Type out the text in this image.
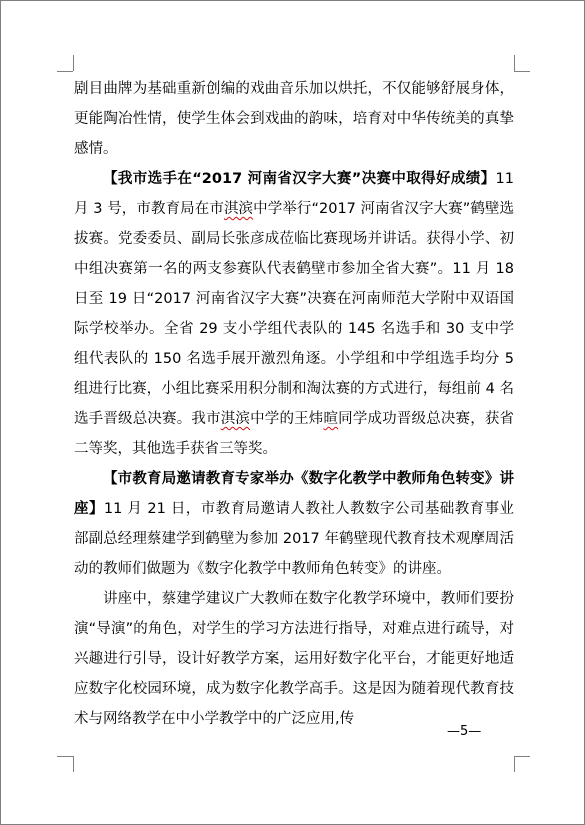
剧目曲牌为基础重新创编的戏曲音乐加以烘托，不仅能够舒展身体，更能陶冶性情，使学生体会到戏曲的韵味，培育对中华传统美的真挚感情。

【我市选手在“2017 河南省汉字大赛”决赛中取得好成绩】11 月 3 号，市教育局在市淇滨中学举行“2017 河南省汉字大赛”鹤壁选拔赛。党委委员、副局长张彦成莅临比赛现场并讲话。获得小学、初中组决赛第一名的两支参赛队代表鹤壁市参加全省大赛”。11 月 18 日至 19 日“2017 河南省汉字大赛”决赛在河南师范大学附中双语国际学校举办。全省 29 支小学组代表队的 145 名选手和 30 支中学组代表队的 150 名选手展开激烈角逐。小学组和中学组选手均分 5 组进行比赛，小组比赛采用积分制和淘汰赛的方式进行，每组前 4 名选手晋级总决赛。我市淇滨中学的王炜暄同学成功晋级总决赛，获省二等奖，其他选手获省三等奖。

【市教育局邀请教育专家举办《数字化教学中教师角色转变》讲座】11 月 21 日，市教育局邀请人教社人教数字公司基础教育事业部副总经理蔡建学到鹤壁为参加 2017 年鹤壁现代教育技术观摩周活动的教师们做题为《数字化教学中教师角色转变》的讲座。

讲座中，蔡建学建议广大教师在数字化教学环境中，教师们要扮演“导演”的角色，对学生的学习方法进行指导，对难点进行疏导，对兴趣进行引导，设计好教学方案，运用好数字化平台，才能更好地适应数字化校园环境，成为数字化教学高手。这是因为随着现代教育技术与网络教学在中小学教学中的广泛应用,传

—5—
